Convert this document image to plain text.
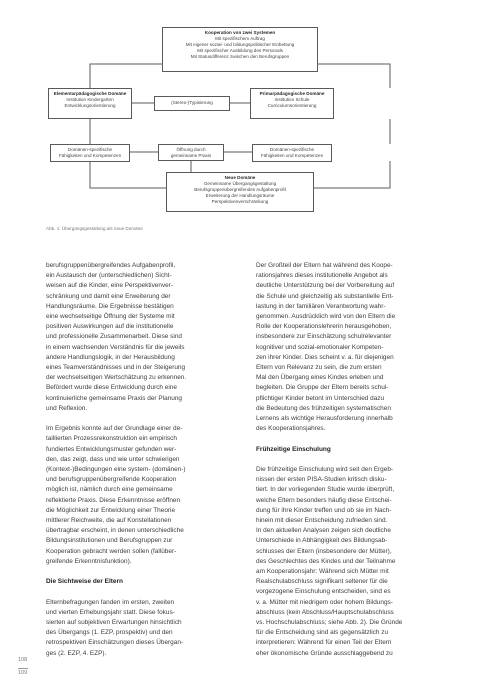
Kooperation von zwei Systemen
Mit spezifischem Auftrag
Mit eigener sozial- und bildungspolitischer Einbettung
Mit spezifischer Ausbildung des Personals
Mit Statusdifferenz zwischen den Berufsgruppen
Elementarpädagogische Domäne
Institution Kindergarten
Entwicklungsorientierung
(Stereo-)Typisierung
Primarpädagogische Domäne
Institution Schule
Curriculumsorientierung
Domänen-spezifische
Fähigkeiten und Kompetenzen
Öffnung durch
gemeinsame Praxis
Domänen-spezifische
Fähigkeiten und Kompetenzen
Neue Domäne
Gemeinsame Übergangsgestaltung
Berufsgruppenübergreifendes Aufgabenprofil
Erweiterung der Handlungsräume
Perspektivenverschränkung
Abb. 1: Übergangsgestaltung als neue Domäne
berufsgruppenübergreifendes Aufgabenprofil,
ein Austausch der (unterschiedlichen) Sicht-
weisen auf die Kinder, eine Perspektivenver-
schränkung und damit eine Erweiterung der
Handlungsräume. Die Ergebnisse bestätigen
eine wechselseitige Öffnung der Systeme mit
positiven Auswirkungen auf die institutionelle
und professionelle Zusammenarbeit. Diese sind
in einem wachsenden Verständnis für die jeweils
andere Handlungslogik, in der Herausbildung
eines Teamverständnisses und in der Steigerung
der wechselseitigen Wertschätzung zu erkennen.
Befördert wurde diese Entwicklung durch eine
kontinuierliche gemeinsame Praxis der Planung
und Reflexion.
Im Ergebnis konnte auf der Grundlage einer de-
taillierten Prozessrekonstruktion ein empirisch
fundiertes Entwicklungsmuster gefunden wer-
den, das zeigt, dass und wie unter schwierigen
(Kontext-)Bedingungen eine system- (domänen-)
und berufsgruppenübergreifende Kooperation
möglich ist, nämlich durch eine gemeinsame
reflektierte Praxis. Diese Erkenntnisse eröffnen
die Möglichkeit zur Entwicklung einer Theorie
mittlerer Reichweite, die auf Konstellationen
übertragbar erscheint, in denen unterschiedliche
Bildungsinstitutionen und Berufsgruppen zur
Kooperation gebracht werden sollen (fallüber-
greifende Erkenntnisfunktion).
Die Sichtweise der Eltern
Elternbefragungen fanden im ersten, zweiten
und vierten Erhebungsjahr statt. Diese fokus-
sierten auf subjektiven Erwartungen hinsichtlich
des Übergangs (1. EZP, prospektiv) und den
retrospektiven Einschätzungen dieses Übergan-
ges (2. EZP, 4. EZP).
Der Großteil der Eltern hat während des Koope-
rationsjahres dieses institutionelle Angebot als
deutliche Unterstützung bei der Vorbereitung auf
die Schule und gleichzeitig als substantielle Ent-
lastung in der familiären Verantwortung wahr-
genommen. Ausdrücklich wird von den Eltern die
Rolle der Kooperationslehrerin herausgehoben,
insbesondere zur Einschätzung schulrelevanter
kognitiver und sozial-emotionaler Kompeten-
zen ihrer Kinder. Dies scheint v. a. für diejenigen
Eltern von Relevanz zu sein, die zum ersten
Mal den Übergang eines Kindes erleben und
begleiten. Die Gruppe der Eltern bereits schul-
pflichtiger Kinder betont im Unterschied dazu
die Bedeutung des frühzeitigen systematischen
Lernens als wichtige Herausforderung innerhalb
des Kooperationsjahres.
Frühzeitige Einschulung
Die frühzeitige Einschulung wird seit den Ergeb-
nissen der ersten PISA-Studien kritisch disku-
tiert. In der vorliegenden Studie wurde überprüft,
welche Eltern besonders häufig diese Entschei-
dung für ihre Kinder treffen und ob sie im Nach-
hinein mit dieser Entscheidung zufrieden sind.
In den aktuellen Analysen zeigen sich deutliche
Unterschiede in Abhängigkeit des Bildungsab-
schlusses der Eltern (insbesondere der Mütter),
des Geschlechtes des Kindes und der Teilnahme
am Kooperationsjahr: Während sich Mütter mit
Realschulabschluss signifikant seltener für die
vorgezogene Einschulung entscheiden, sind es
v. a. Mütter mit niedrigem oder hohem Bildungs-
abschluss (kein Abschluss/Hauptschulabschluss
vs. Hochschulabschluss; siehe Abb. 2). Die Gründe
für die Entscheidung sind als gegensätzlich zu
interpretieren: Während für einen Teil der Eltern
eher ökonomische Gründe ausschlaggebend zu
108
109
